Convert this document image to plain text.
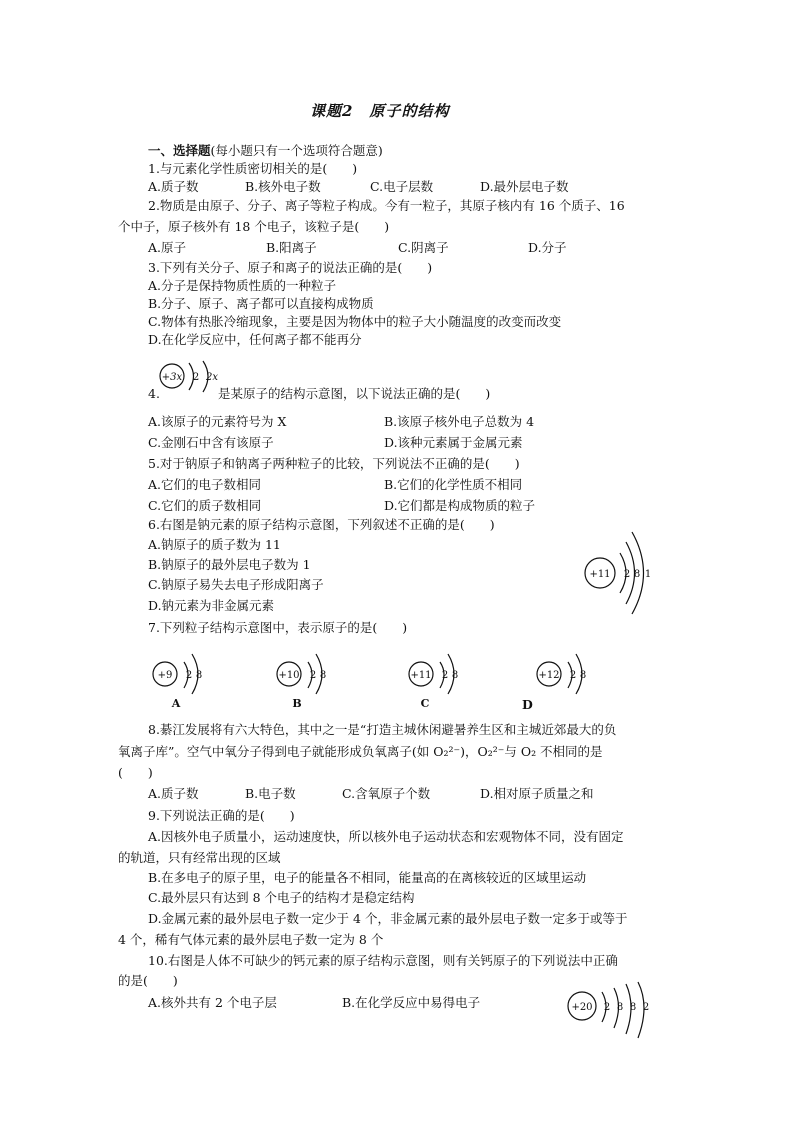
课题2　原子的结构
一、选择题(每小题只有一个选项符合题意)
1.与元素化学性质密切相关的是(　　)
A.质子数	B.核外电子数	C.电子层数	D.最外层电子数
2.物质是由原子、分子、离子等粒子构成。今有一粒子，其原子核内有 16 个质子、16
个中子，原子核外有 18 个电子，该粒子是(　　)
A.原子	B.阳离子	C.阴离子	D.分子
3.下列有关分子、原子和离子的说法正确的是(　　)
A.分子是保持物质性质的一种粒子
B.分子、原子、离子都可以直接构成物质
C.物体有热胀冷缩现象，主要是因为物体中的粒子大小随温度的改变而改变
D.在化学反应中，任何离子都不能再分
+3x 2 2x
4.	是某原子的结构示意图，以下说法正确的是(　　)
A.该原子的元素符号为 X	B.该原子核外电子总数为 4
C.金刚石中含有该原子	D.该种元素属于金属元素
5.对于钠原子和钠离子两种粒子的比较，下列说法不正确的是(　　)
A.它们的电子数相同	B.它们的化学性质不相同
C.它们的质子数相同	D.它们都是构成物质的粒子
6.右图是钠元素的原子结构示意图，下列叙述不正确的是(　　)
A.钠原子的质子数为 11
B.钠原子的最外层电子数为 1
C.钠原子易失去电子形成阳离子
D.钠元素为非金属元素
+11 2 8 1
7.下列粒子结构示意图中，表示原子的是(　　)
+9 2 8
A
+10 2 8
B
+11 2 8
C
+12 2 8
D
8.綦江发展将有六大特色，其中之一是“打造主城休闲避暑养生区和主城近郊最大的负
氧离子库”。空气中氧分子得到电子就能形成负氧离子(如 O₂²⁻)，O₂²⁻与 O₂ 不相同的是
(　　)
A.质子数	B.电子数	C.含氧原子个数	D.相对原子质量之和
9.下列说法正确的是(　　)
A.因核外电子质量小，运动速度快，所以核外电子运动状态和宏观物体不同，没有固定
的轨道，只有经常出现的区域
B.在多电子的原子里，电子的能量各不相同，能量高的在离核较近的区域里运动
C.最外层只有达到 8 个电子的结构才是稳定结构
D.金属元素的最外层电子数一定少于 4 个，非金属元素的最外层电子数一定多于或等于
4 个，稀有气体元素的最外层电子数一定为 8 个
10.右图是人体不可缺少的钙元素的原子结构示意图，则有关钙原子的下列说法中正确
的是(　　)
A.核外共有 2 个电子层	B.在化学反应中易得电子	+20 2 8 8 2
